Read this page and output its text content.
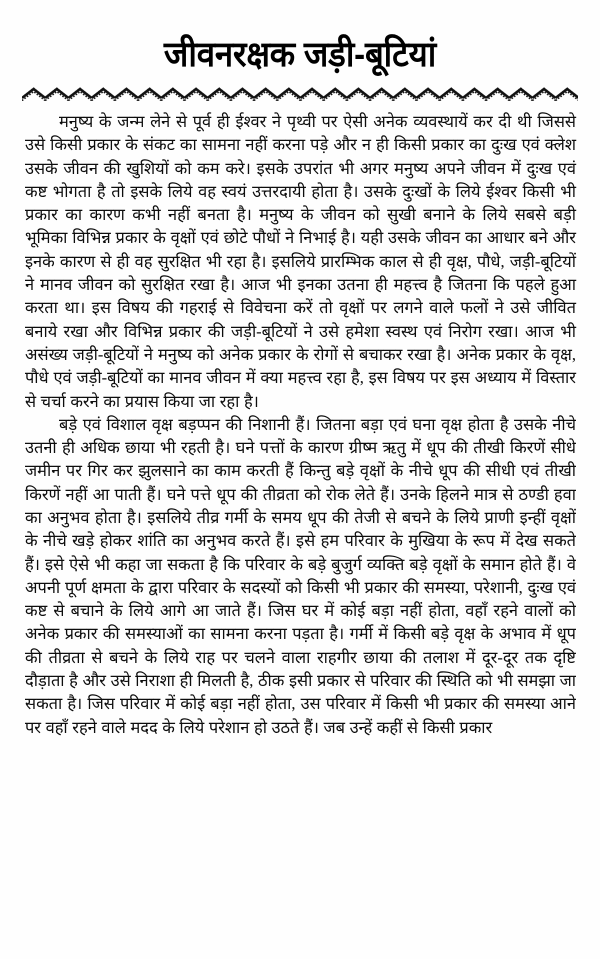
जीवनरक्षक जड़ी-बूटियां

मनुष्य के जन्म लेने से पूर्व ही ईश्वर ने पृथ्वी पर ऐसी अनेक व्यवस्थायें कर दी थी जिससे उसे किसी प्रकार के संकट का सामना नहीं करना पड़े और न ही किसी प्रकार का दुःख एवं क्लेश उसके जीवन की खुशियों को कम करे। इसके उपरांत भी अगर मनुष्य अपने जीवन में दुःख एवं कष्ट भोगता है तो इसके लिये वह स्वयं उत्तरदायी होता है। उसके दुःखों के लिये ईश्वर किसी भी प्रकार का कारण कभी नहीं बनता है। मनुष्य के जीवन को सुखी बनाने के लिये सबसे बड़ी भूमिका विभिन्न प्रकार के वृक्षों एवं छोटे पौधों ने निभाई है। यही उसके जीवन का आधार बने और इनके कारण से ही वह सुरक्षित भी रहा है। इसलिये प्रारम्भिक काल से ही वृक्ष, पौधे, जड़ी-बूटियों ने मानव जीवन को सुरक्षित रखा है। आज भी इनका उतना ही महत्त्व है जितना कि पहले हुआ करता था। इस विषय की गहराई से विवेचना करें तो वृक्षों पर लगने वाले फलों ने उसे जीवित बनाये रखा और विभिन्न प्रकार की जड़ी-बूटियों ने उसे हमेशा स्वस्थ एवं निरोग रखा। आज भी असंख्य जड़ी-बूटियों ने मनुष्य को अनेक प्रकार के रोगों से बचाकर रखा है। अनेक प्रकार के वृक्ष, पौधे एवं जड़ी-बूटियों का मानव जीवन में क्या महत्त्व रहा है, इस विषय पर इस अध्याय में विस्तार से चर्चा करने का प्रयास किया जा रहा है।

बड़े एवं विशाल वृक्ष बड़प्पन की निशानी हैं। जितना बड़ा एवं घना वृक्ष होता है उसके नीचे उतनी ही अधिक छाया भी रहती है। घने पत्तों के कारण ग्रीष्म ऋतु में धूप की तीखी किरणें सीधे जमीन पर गिर कर झुलसाने का काम करती हैं किन्तु बड़े वृक्षों के नीचे धूप की सीधी एवं तीखी किरणें नहीं आ पाती हैं। घने पत्ते धूप की तीव्रता को रोक लेते हैं। उनके हिलने मात्र से ठण्डी हवा का अनुभव होता है। इसलिये तीव्र गर्मी के समय धूप की तेजी से बचने के लिये प्राणी इन्हीं वृक्षों के नीचे खड़े होकर शांति का अनुभव करते हैं। इसे हम परिवार के मुखिया के रूप में देख सकते हैं। इसे ऐसे भी कहा जा सकता है कि परिवार के बड़े बुजुर्ग व्यक्ति बड़े वृक्षों के समान होते हैं। वे अपनी पूर्ण क्षमता के द्वारा परिवार के सदस्यों को किसी भी प्रकार की समस्या, परेशानी, दुःख एवं कष्ट से बचाने के लिये आगे आ जाते हैं। जिस घर में कोई बड़ा नहीं होता, वहाँ रहने वालों को अनेक प्रकार की समस्याओं का सामना करना पड़ता है। गर्मी में किसी बड़े वृक्ष के अभाव में धूप की तीव्रता से बचने के लिये राह पर चलने वाला राहगीर छाया की तलाश में दूर-दूर तक दृष्टि दौड़ाता है और उसे निराशा ही मिलती है, ठीक इसी प्रकार से परिवार की स्थिति को भी समझा जा सकता है। जिस परिवार में कोई बड़ा नहीं होता, उस परिवार में किसी भी प्रकार की समस्या आने पर वहाँ रहने वाले मदद के लिये परेशान हो उठते हैं। जब उन्हें कहीं से किसी प्रकार
